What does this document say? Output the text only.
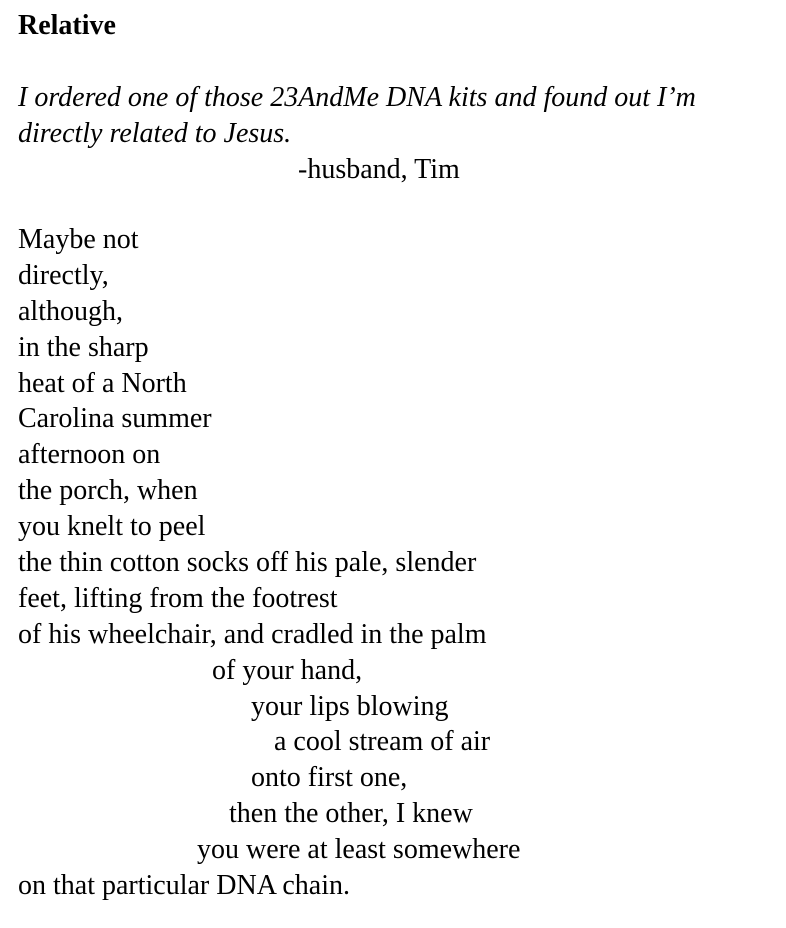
Relative
I ordered one of those 23AndMe DNA kits and found out I’m
directly related to Jesus.
-husband, Tim
Maybe not
directly,
although,
in the sharp
heat of a North
Carolina summer
afternoon on
the porch, when
you knelt to peel
the thin cotton socks off his pale, slender
feet, lifting from the footrest
of his wheelchair, and cradled in the palm
of your hand,
your lips blowing
a cool stream of air
onto first one,
then the other, I knew
you were at least somewhere
on that particular DNA chain.
